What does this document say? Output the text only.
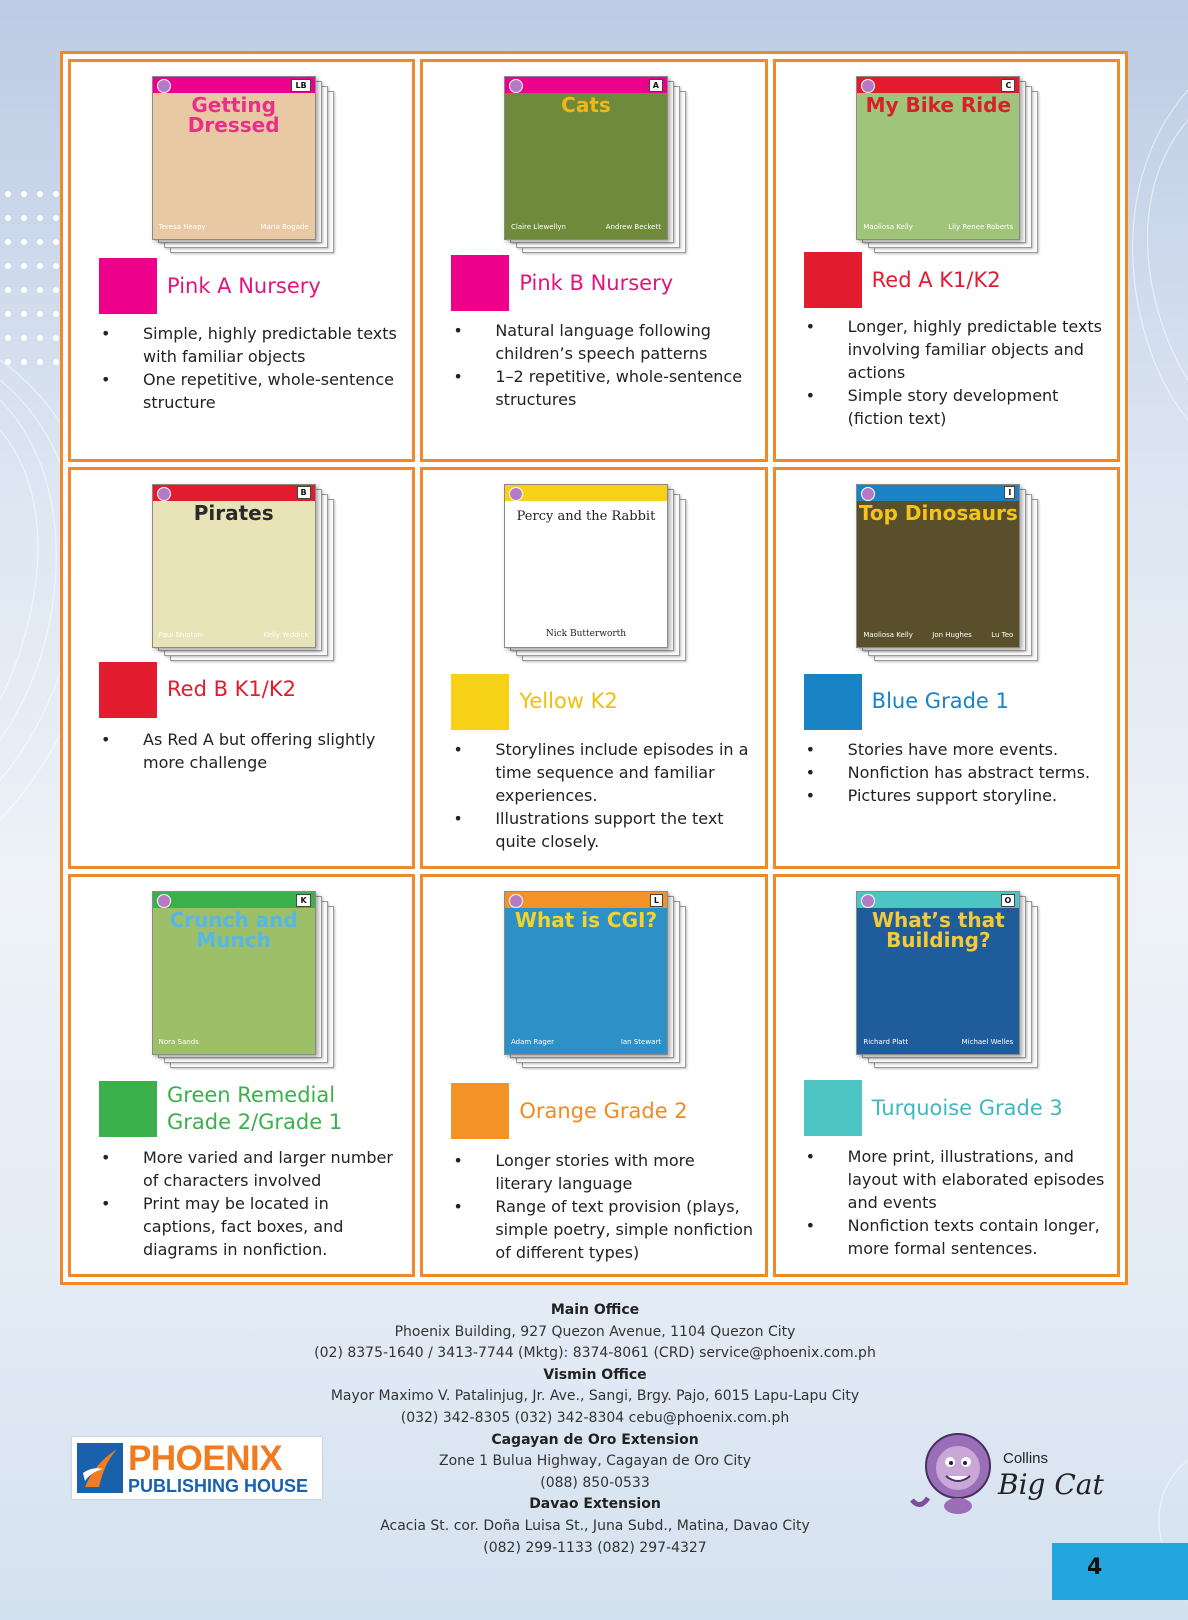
LB
Getting Dressed
Teresa Heapy	Maria Bogade
Pink A Nursery
• Simple, highly predictable texts with familiar objects
• One repetitive, whole-sentence structure
A
Cats
Claire Llewellyn	Andrew Beckett
Pink B Nursery
• Natural language following children’s speech patterns
• 1–2 repetitive, whole-sentence structures
C
My Bike Ride
Maoliosa Kelly	Lily Renee Roberts
Red A K1/K2
• Longer, highly predictable texts involving familiar objects and actions
• Simple story development (fiction text)
B
Pirates
Paul Shipton	Kelly Yeddick
Red B K1/K2
• As Red A but offering slightly more challenge
Percy and the Rabbit
Nick Butterworth
Yellow K2
• Storylines include episodes in a time sequence and familiar experiences.
• Illustrations support the text quite closely.
I
Top Dinosaurs
Maoliosa Kelly	Jon Hughes	Lu Teo
Blue Grade 1
• Stories have more events.
• Nonfiction has abstract terms.
• Pictures support storyline.
K
Crunch and Munch
Nora Sands
Green Remedial
Grade 2/Grade 1
• More varied and larger number of characters involved
• Print may be located in captions, fact boxes, and diagrams in nonfiction.
L
What is CGI?
Adam Rager	Ian Stewart
Orange Grade 2
• Longer stories with more literary language
• Range of text provision (plays, simple poetry, simple nonfiction of different types)
O
What’s that Building?
Richard Platt	Michael Welles
Turquoise Grade 3
• More print, illustrations, and layout with elaborated episodes and events
• Nonfiction texts contain longer, more formal sentences.
Main Office
Phoenix Building, 927 Quezon Avenue, 1104 Quezon City
(02) 8375-1640 / 3413-7744 (Mktg): 8374-8061 (CRD) service@phoenix.com.ph
Vismin Office
Mayor Maximo V. Patalinjug, Jr. Ave., Sangi, Brgy. Pajo, 6015 Lapu-Lapu City
(032) 342-8305 (032) 342-8304 cebu@phoenix.com.ph
Cagayan de Oro Extension
Zone 1 Bulua Highway, Cagayan de Oro City
(088) 850-0533
Davao Extension
Acacia St. cor. Doña Luisa St., Juna Subd., Matina, Davao City
(082) 299-1133 (082) 297-4327
PHOENIX
PUBLISHING HOUSE
Collins
Big Cat
4
